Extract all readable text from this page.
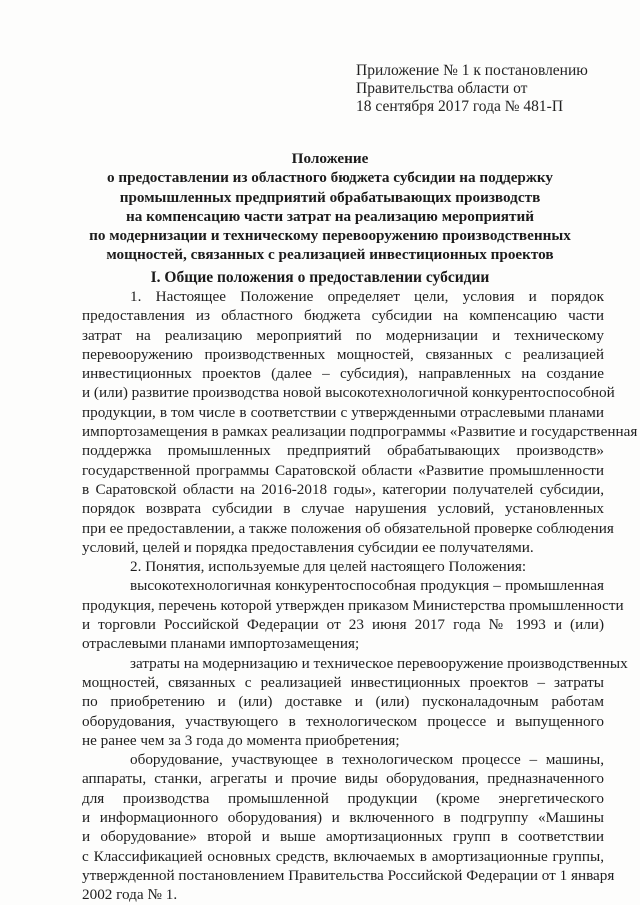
Приложение № 1 к постановлению
Правительства области от
18 сентября 2017 года № 481-П
Положение
о предоставлении из областного бюджета субсидии на поддержку
промышленных предприятий обрабатывающих производств
на компенсацию части затрат на реализацию мероприятий
по модернизации и техническому перевооружению производственных
мощностей, связанных с реализацией инвестиционных проектов
I. Общие положения о предоставлении субсидии
1. Настоящее Положение определяет цели, условия и порядок
предоставления из областного бюджета субсидии на компенсацию части
затрат на реализацию мероприятий по модернизации и техническому
перевооружению производственных мощностей, связанных с реализацией
инвестиционных проектов (далее – субсидия), направленных на создание
и (или) развитие производства новой высокотехнологичной конкурентоспособной
продукции, в том числе в соответствии с утвержденными отраслевыми планами
импортозамещения в рамках реализации подпрограммы «Развитие и государственная
поддержка промышленных предприятий обрабатывающих производств»
государственной программы Саратовской области «Развитие промышленности
в Саратовской области на 2016-2018 годы», категории получателей субсидии,
порядок возврата субсидии в случае нарушения условий, установленных
при ее предоставлении, а также положения об обязательной проверке соблюдения
условий, целей и порядка предоставления субсидии ее получателями.
2. Понятия, используемые для целей настоящего Положения:
высокотехнологичная конкурентоспособная продукция – промышленная
продукция, перечень которой утвержден приказом Министерства промышленности
и торговли Российской Федерации от 23 июня 2017 года № 1993 и (или)
отраслевыми планами импортозамещения;
затраты на модернизацию и техническое перевооружение производственных
мощностей, связанных с реализацией инвестиционных проектов – затраты
по приобретению и (или) доставке и (или) пусконаладочным работам
оборудования, участвующего в технологическом процессе и выпущенного
не ранее чем за 3 года до момента приобретения;
оборудование, участвующее в технологическом процессе – машины,
аппараты, станки, агрегаты и прочие виды оборудования, предназначенного
для производства промышленной продукции (кроме энергетического
и информационного оборудования) и включенного в подгруппу «Машины
и оборудование» второй и выше амортизационных групп в соответствии
с Классификацией основных средств, включаемых в амортизационные группы,
утвержденной постановлением Правительства Российской Федерации от 1 января
2002 года № 1.
